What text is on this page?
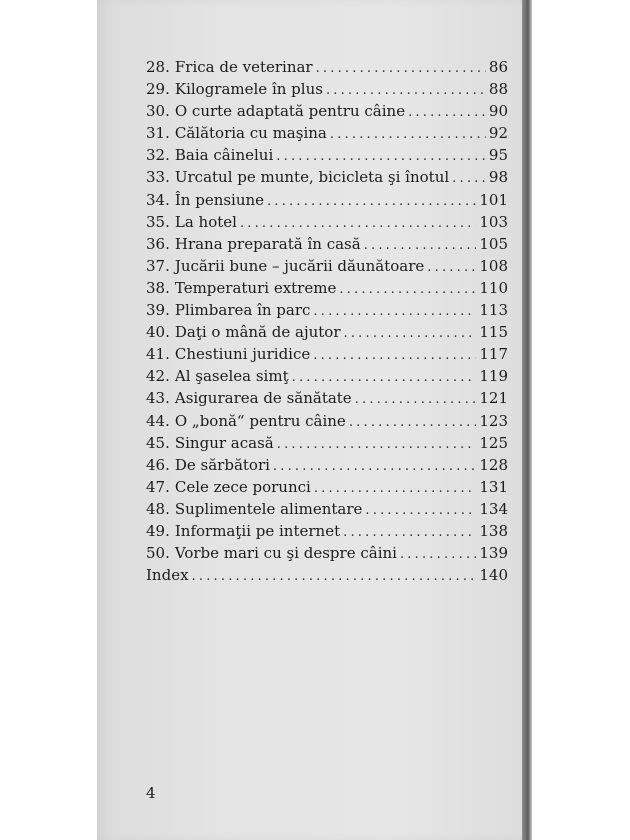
28. Frica de veterinar .....	86
29. Kilogramele în plus .....	88
30. O curte adaptată pentru câine .....	90
31. Călătoria cu maşina .....	92
32. Baia câinelui .....	95
33. Urcatul pe munte, bicicleta şi înotul .....	98
34. În pensiune .....	101
35. La hotel .....	103
36. Hrana preparată în casă .....	105
37. Jucării bune – jucării dăunătoare .....	108
38. Temperaturi extreme .....	110
39. Plimbarea în parc .....	113
40. Daţi o mână de ajutor .....	115
41. Chestiuni juridice .....	117
42. Al şaselea simţ .....	119
43. Asigurarea de sănătate .....	121
44. O „bonă“ pentru câine .....	123
45. Singur acasă .....	125
46. De sărbători .....	128
47. Cele zece porunci .....	131
48. Suplimentele alimentare .....	134
49. Informaţii pe internet .....	138
50. Vorbe mari cu şi despre câini .....	139
Index .....	140
4
